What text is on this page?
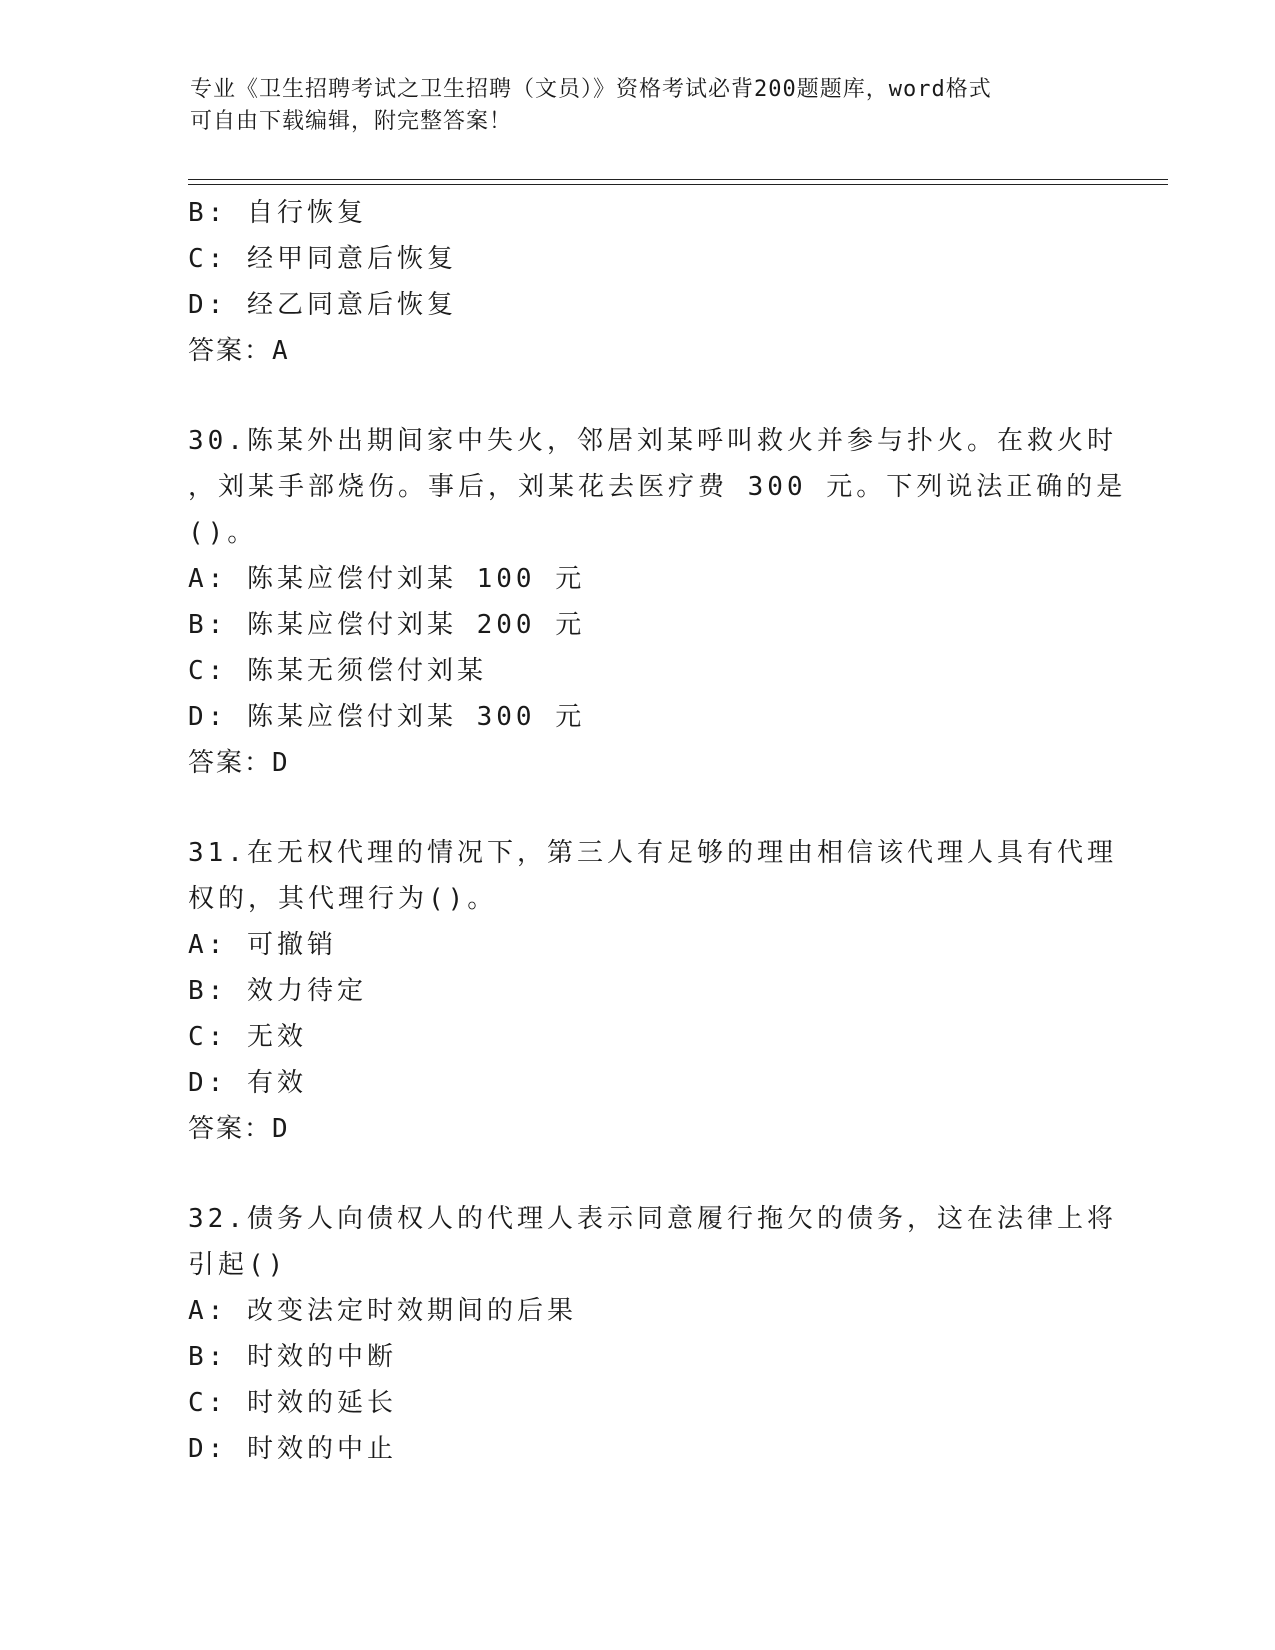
专业《卫生招聘考试之卫生招聘（文员）》资格考试必背200题题库，word格式
可自由下载编辑，附完整答案！
B: 自行恢复
C: 经甲同意后恢复
D: 经乙同意后恢复
答案：A
30.陈某外出期间家中失火，邻居刘某呼叫救火并参与扑火。在救火时
，刘某手部烧伤。事后，刘某花去医疗费 300 元。下列说法正确的是
()。
A: 陈某应偿付刘某 100 元
B: 陈某应偿付刘某 200 元
C: 陈某无须偿付刘某
D: 陈某应偿付刘某 300 元
答案：D
31.在无权代理的情况下，第三人有足够的理由相信该代理人具有代理
权的，其代理行为()。
A: 可撤销
B: 效力待定
C: 无效
D: 有效
答案：D
32.债务人向债权人的代理人表示同意履行拖欠的债务，这在法律上将
引起()
A: 改变法定时效期间的后果
B: 时效的中断
C: 时效的延长
D: 时效的中止
